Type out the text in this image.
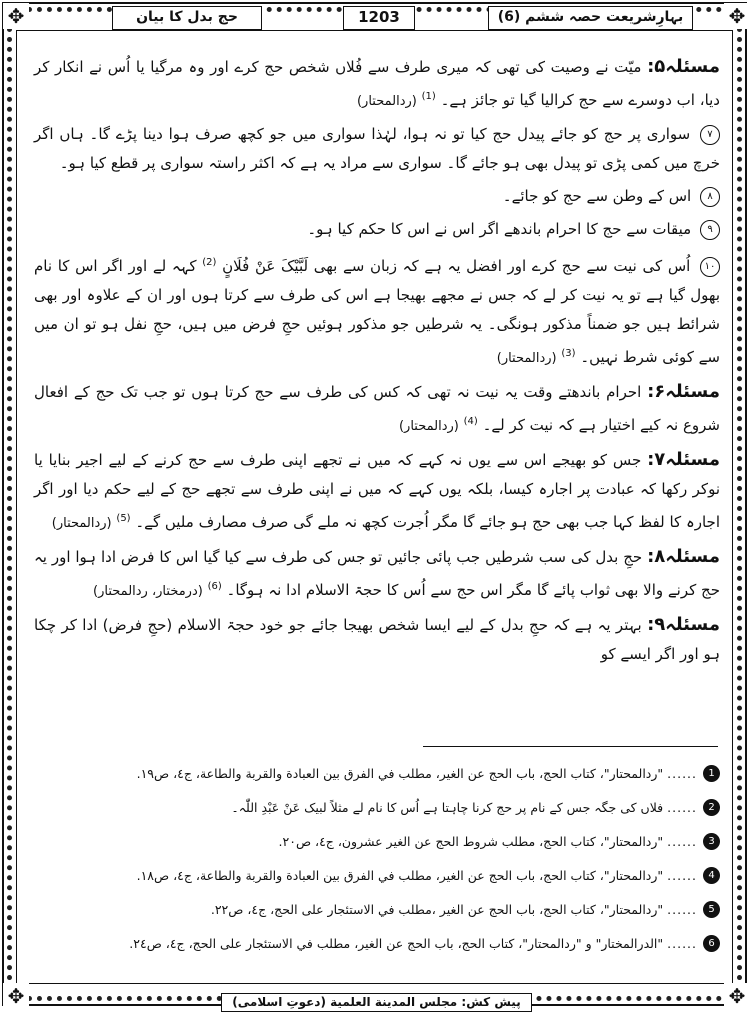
✥	✥
✥	✥
حج بدل کا بیان	1203	بہارِشریعت حصہ ششم (6)

مسئلہ۵: میّت نے وصیت کی تھی کہ میری طرف سے فُلاں شخص حج کرے اور وہ مرگیا یا اُس نے انکار کر دیا، اب دوسرے سے حج کرالیا گیا تو جائز ہے۔ (1) (ردالمحتار)

۷ سواری پر حج کو جائے پیدل حج کیا تو نہ ہوا، لہٰذا سواری میں جو کچھ صرف ہوا دینا پڑے گا۔ ہاں اگر خرچ میں کمی پڑی تو پیدل بھی ہو جائے گا۔ سواری سے مراد یہ ہے کہ اکثر راستہ سواری پر قطع کیا ہو۔

۸ اس کے وطن سے حج کو جائے۔

۹ میقات سے حج کا احرام باندھے اگر اس نے اس کا حکم کیا ہو۔

۱۰ اُس کی نیت سے حج کرے اور افضل یہ ہے کہ زبان سے بھی لَبَّیْکَ عَنْ فُلَانٍ (2) کہہ لے اور اگر اس کا نام بھول گیا ہے تو یہ نیت کر لے کہ جس نے مجھے بھیجا ہے اس کی طرف سے کرتا ہوں اور ان کے علاوہ اور بھی شرائط ہیں جو ضمناً مذکور ہونگی۔ یہ شرطیں جو مذکور ہوئیں حجِ فرض میں ہیں، حجِ نفل ہو تو ان میں سے کوئی شرط نہیں۔ (3) (ردالمحتار)

مسئلہ۶: احرام باندھتے وقت یہ نیت نہ تھی کہ کس کی طرف سے حج کرتا ہوں تو جب تک حج کے افعال شروع نہ کیے اختیار ہے کہ نیت کر لے۔ (4) (ردالمحتار)

مسئلہ۷: جس کو بھیجے اس سے یوں نہ کہے کہ میں نے تجھے اپنی طرف سے حج کرنے کے لیے اجیر بنایا یا نوکر رکھا کہ عبادت پر اجارہ کیسا، بلکہ یوں کہے کہ میں نے اپنی طرف سے تجھے حج کے لیے حکم دیا اور اگر اجارہ کا لفظ کہا جب بھی حج ہو جائے گا مگر اُجرت کچھ نہ ملے گی صرف مصارف ملیں گے۔ (5) (ردالمحتار)

مسئلہ۸: حجِ بدل کی سب شرطیں جب پائی جائیں تو جس کی طرف سے کیا گیا اس کا فرض ادا ہوا اور یہ حج کرنے والا بھی ثواب پائے گا مگر اس حج سے اُس کا حجۃ الاسلام ادا نہ ہوگا۔ (6) (درمختار، ردالمحتار)

مسئلہ۹: بہتر یہ ہے کہ حجِ بدل کے لیے ایسا شخص بھیجا جائے جو خود حجۃ الاسلام (حجِ فرض) ادا کر چکا ہو اور اگر ایسے کو

1
......
"ردالمحتار"، كتاب الحج، باب الحج عن الغير، مطلب في الفرق بين العبادة والقربة والطاعة، ج٤، ص١٩.
2
......
فلاں کی جگہ جس کے نام پر حج کرنا چاہتا ہے اُس کا نام لے مثلاً لبیک عَنْ عَبْدِ اللّٰہ۔
3
......
"ردالمحتار"، كتاب الحج، مطلب شروط الحج عن الغير عشرون، ج٤، ص٢٠.
4
......
"ردالمحتار"، كتاب الحج، باب الحج عن الغير، مطلب في الفرق بين العبادة والقربة والطاعة، ج٤، ص١٨.
5
......
"ردالمحتار"، كتاب الحج، باب الحج عن الغير ،مطلب في الاستئجار على الحج، ج٤، ص٢٢.
6
......
"الدرالمختار" و "ردالمحتار"، كتاب الحج، باب الحج عن الغير، مطلب في الاستئجار على الحج، ج٤، ص٢٤.
پیش کش: مجلس المدينة العلمية (دعوتِ اسلامی)
